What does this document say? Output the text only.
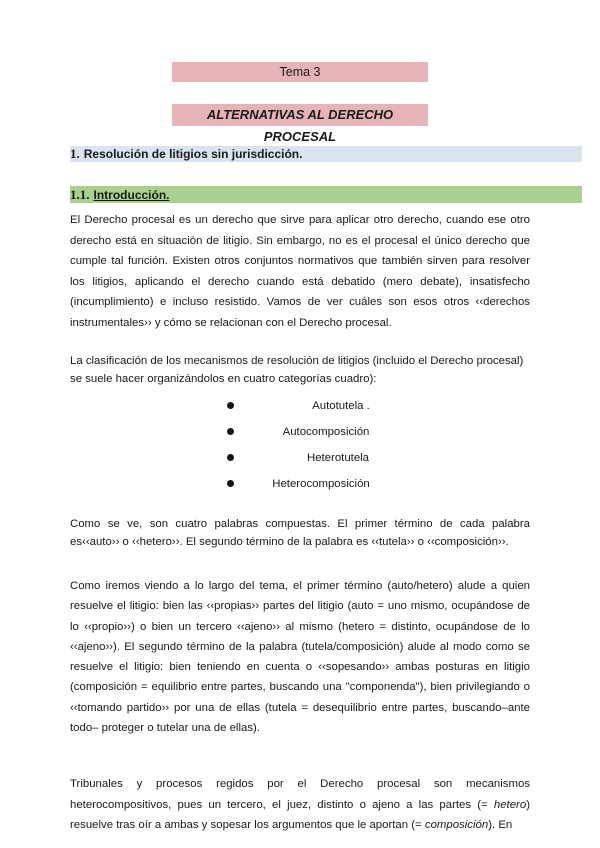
Tema 3
ALTERNATIVAS AL DERECHO PROCESAL
1. Resolución de litigios sin jurisdicción.
1.1. Introducción.

El Derecho procesal es un derecho que sirve para aplicar otro derecho, cuando ese otro derecho está en situación de litigio. Sin embargo, no es el procesal el único derecho que cumple tal función. Existen otros conjuntos normativos que también sirven para resolver los litigios, aplicando el derecho cuando está debatido (mero debate), insatisfecho (incumplimiento) e incluso resistido. Vamos de ver cuáles son esos otros ‹‹derechos instrumentales›› y cómo se relacionan con el Derecho procesal.

La clasificación de los mecanismos de resolución de litigios (incluido el Derecho procesal) se suele hacer organizándolos en cuatro categorías cuadro):

Autotutela .
Autocomposición
Heterotutela
Heterocomposición

Como se ve, son cuatro palabras compuestas. El primer término de cada palabra es‹‹auto›› o ‹‹hetero››. El segundo término de la palabra es ‹‹tutela›› o ‹‹composición››.

Como iremos viendo a lo largo del tema, el primer término (auto/hetero) alude a quien resuelve el litigio: bien las ‹‹propias›› partes del litigio (auto = uno mismo, ocupándose de lo ‹‹propio››) o bien un tercero ‹‹ajeno›› al mismo (hetero = distinto, ocupándose de lo ‹‹ajeno››). El segundo término de la palabra (tutela/composición) alude al modo como se resuelve el litigio: bien teniendo en cuenta o ‹‹sopesando›› ambas posturas en litigio (composición = equilibrio entre partes, buscando una "componenda"), bien privilegiando o ‹‹tomando partido›› por una de ellas (tutela = desequilibrio entre partes, buscando–ante todo– proteger o tutelar una de ellas).

Tribunales y procesos regidos por el Derecho procesal son mecanismos heterocompositivos, pues un tercero, el juez, distinto o ajeno a las partes (= hetero) resuelve tras oír a ambas y sopesar los argumentos que le aportan (= composición). En
